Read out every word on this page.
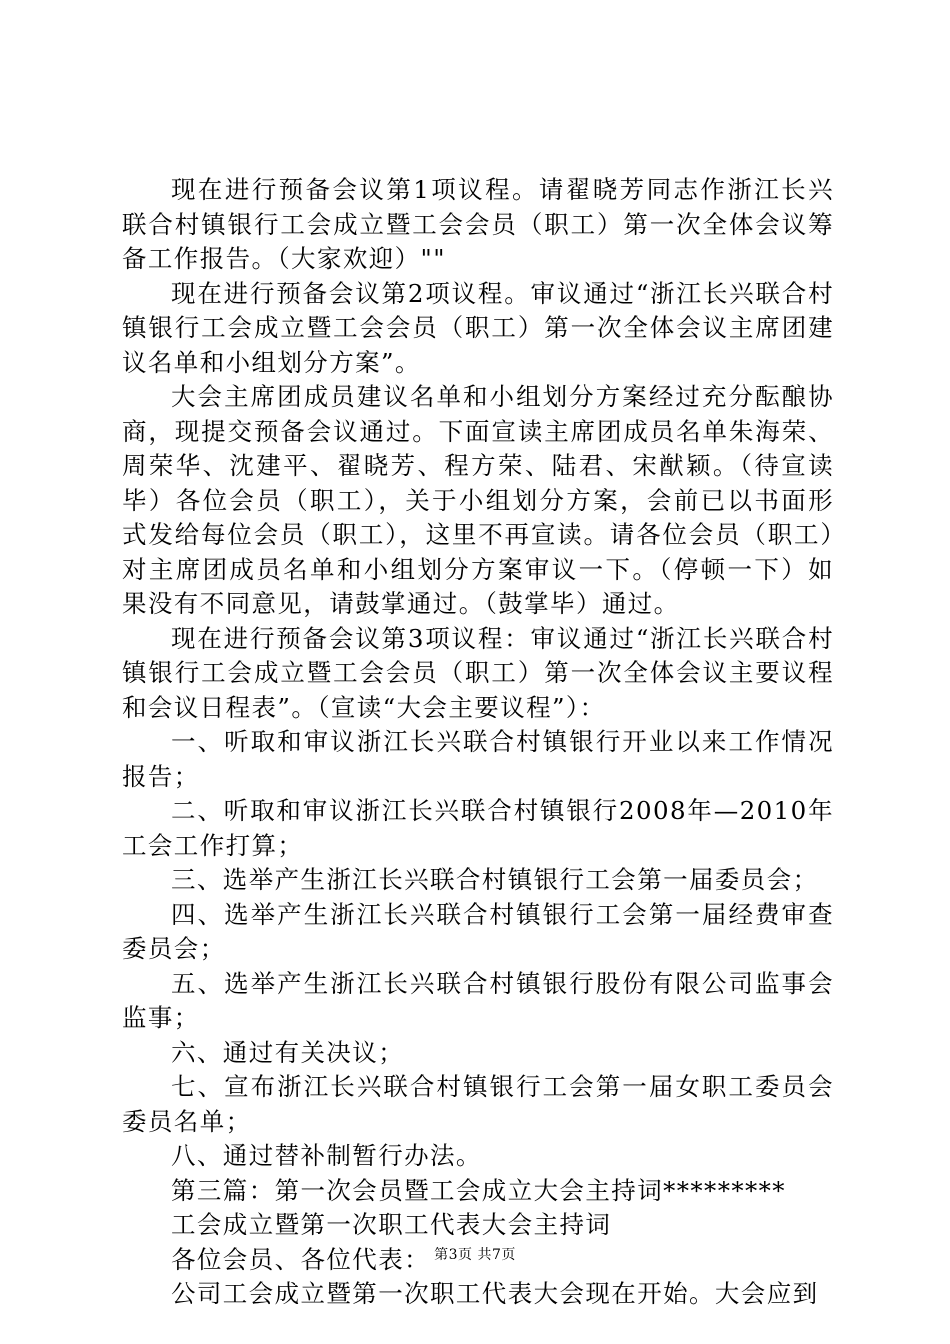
现在进行预备会议第1项议程。请翟晓芳同志作浙江长兴联合村镇银行工会成立暨工会会员（职工）第一次全体会议筹备工作报告。（大家欢迎）""

现在进行预备会议第2项议程。审议通过“浙江长兴联合村镇银行工会成立暨工会会员（职工）第一次全体会议主席团建议名单和小组划分方案”。

大会主席团成员建议名单和小组划分方案经过充分酝酿协商，现提交预备会议通过。下面宣读主席团成员名单朱海荣、周荣华、沈建平、翟晓芳、程方荣、陆君、宋猷颖。（待宣读毕）各位会员（职工），关于小组划分方案，会前已以书面形式发给每位会员（职工），这里不再宣读。请各位会员（职工）对主席团成员名单和小组划分方案审议一下。（停顿一下）如果没有不同意见，请鼓掌通过。（鼓掌毕）通过。

现在进行预备会议第3项议程：审议通过“浙江长兴联合村镇银行工会成立暨工会会员（职工）第一次全体会议主要议程和会议日程表”。（宣读“大会主要议程”）：

一、听取和审议浙江长兴联合村镇银行开业以来工作情况报告；

二、听取和审议浙江长兴联合村镇银行2008年—2010年工会工作打算；

三、选举产生浙江长兴联合村镇银行工会第一届委员会；

四、选举产生浙江长兴联合村镇银行工会第一届经费审查委员会；

五、选举产生浙江长兴联合村镇银行股份有限公司监事会监事；

六、通过有关决议；

七、宣布浙江长兴联合村镇银行工会第一届女职工委员会委员名单；

八、通过替补制暂行办法。

第三篇：第一次会员暨工会成立大会主持词*********

工会成立暨第一次职工代表大会主持词

各位会员、各位代表：

公司工会成立暨第一次职工代表大会现在开始。大会应到

第3页 共7页
